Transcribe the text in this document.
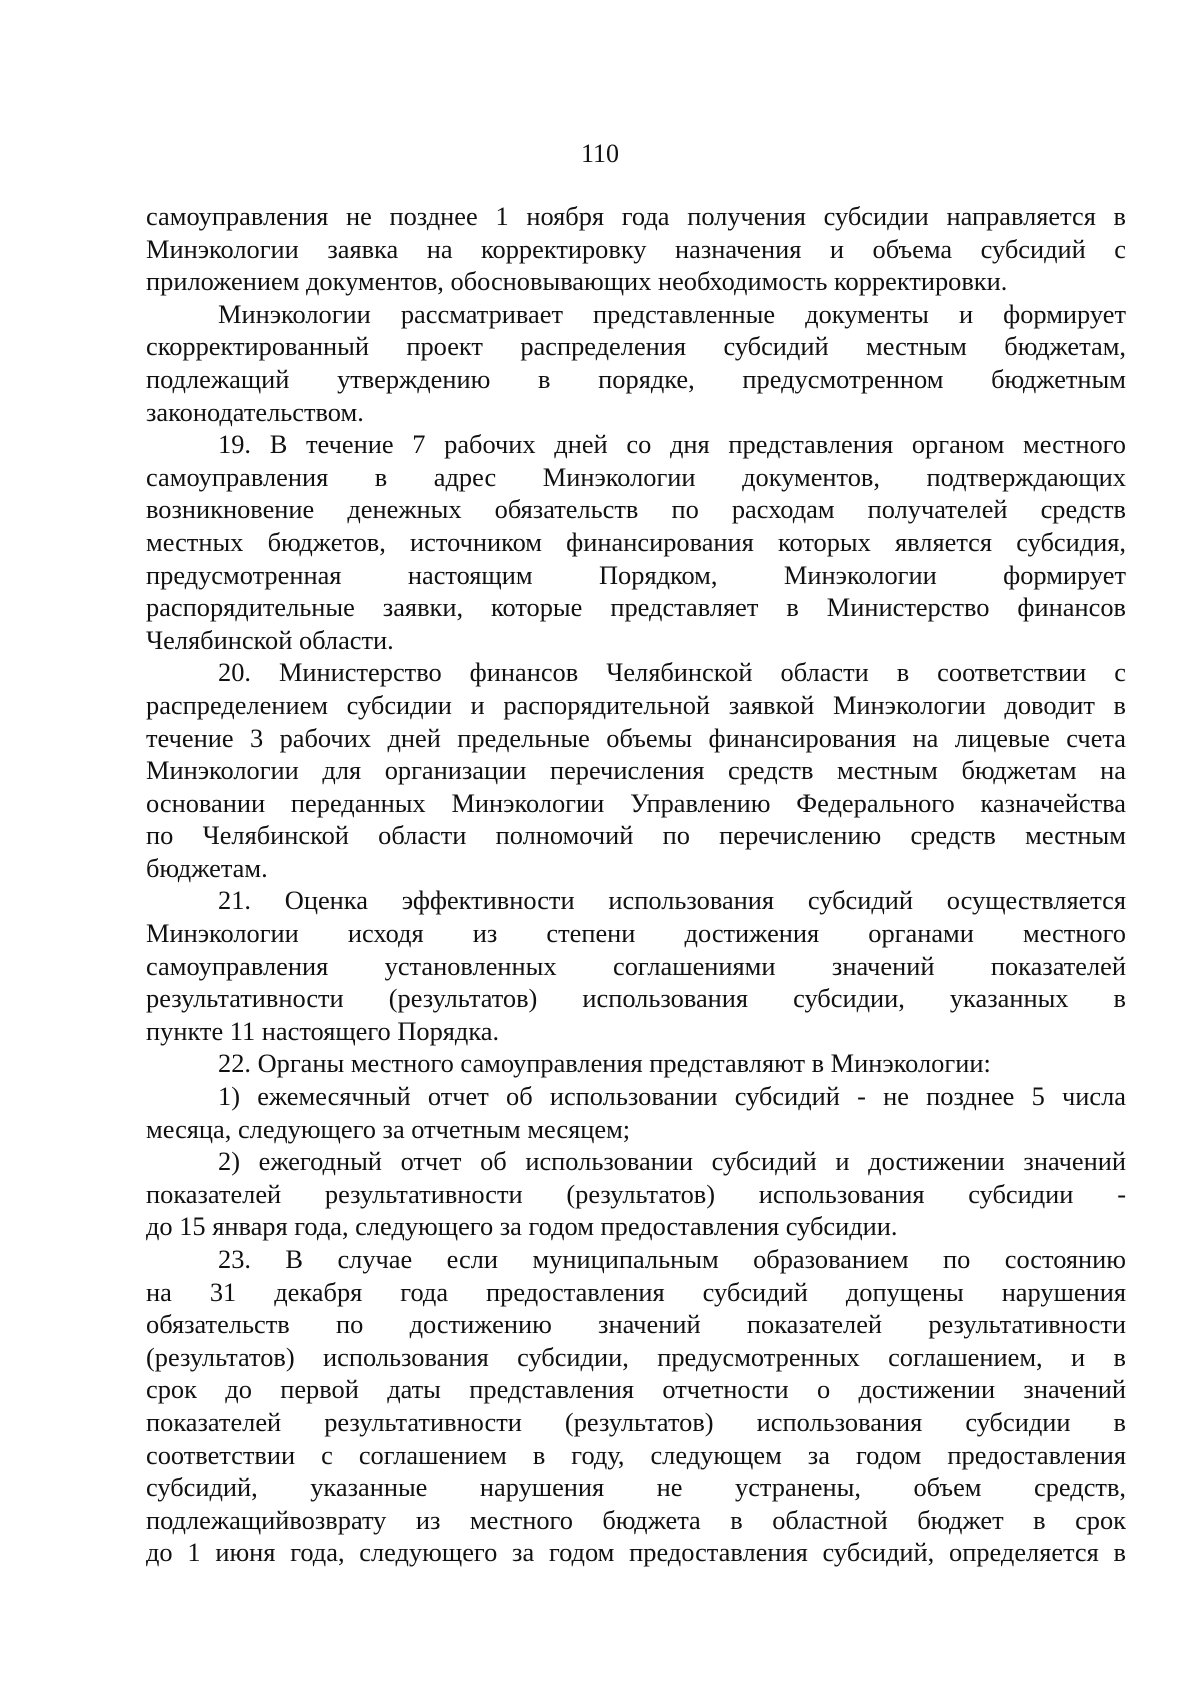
110
самоуправления не позднее 1 ноября года получения субсидии направляется в
Минэкологии заявка на корректировку назначения и объема субсидий с
приложением документов, обосновывающих необходимость корректировки.
Минэкологии рассматривает представленные документы и формирует
скорректированный проект распределения субсидий местным бюджетам,
подлежащий утверждению в порядке, предусмотренном бюджетным
законодательством.
19. В течение 7 рабочих дней со дня представления органом местного
самоуправления в адрес Минэкологии документов, подтверждающих
возникновение денежных обязательств по расходам получателей средств
местных бюджетов, источником финансирования которых является субсидия,
предусмотренная настоящим Порядком, Минэкологии формирует
распорядительные заявки, которые представляет в Министерство финансов
Челябинской области.
20. Министерство финансов Челябинской области в соответствии с
распределением субсидии и распорядительной заявкой Минэкологии доводит в
течение 3 рабочих дней предельные объемы финансирования на лицевые счета
Минэкологии для организации перечисления средств местным бюджетам на
основании переданных Минэкологии Управлению Федерального казначейства
по Челябинской области полномочий по перечислению средств местным
бюджетам.
21. Оценка эффективности использования субсидий осуществляется
Минэкологии исходя из степени достижения органами местного
самоуправления установленных соглашениями значений показателей
результативности (результатов) использования субсидии, указанных в
пункте 11 настоящего Порядка.
22. Органы местного самоуправления представляют в Минэкологии:
1) ежемесячный отчет об использовании субсидий - не позднее 5 числа
месяца, следующего за отчетным месяцем;
2) ежегодный отчет об использовании субсидий и достижении значений
показателей результативности (результатов) использования субсидии -
до 15 января года, следующего за годом предоставления субсидии.
23. В случае если муниципальным образованием по состоянию
на 31 декабря года предоставления субсидий допущены нарушения
обязательств по достижению значений показателей результативности
(результатов) использования субсидии, предусмотренных соглашением, и в
срок до первой даты представления отчетности о достижении значений
показателей результативности (результатов) использования субсидии в
соответствии с соглашением в году, следующем за годом предоставления
субсидий, указанные нарушения не устранены, объем средств,
подлежащийвозврату из местного бюджета в областной бюджет в срок
до 1 июня года, следующего за годом предоставления субсидий, определяется в
